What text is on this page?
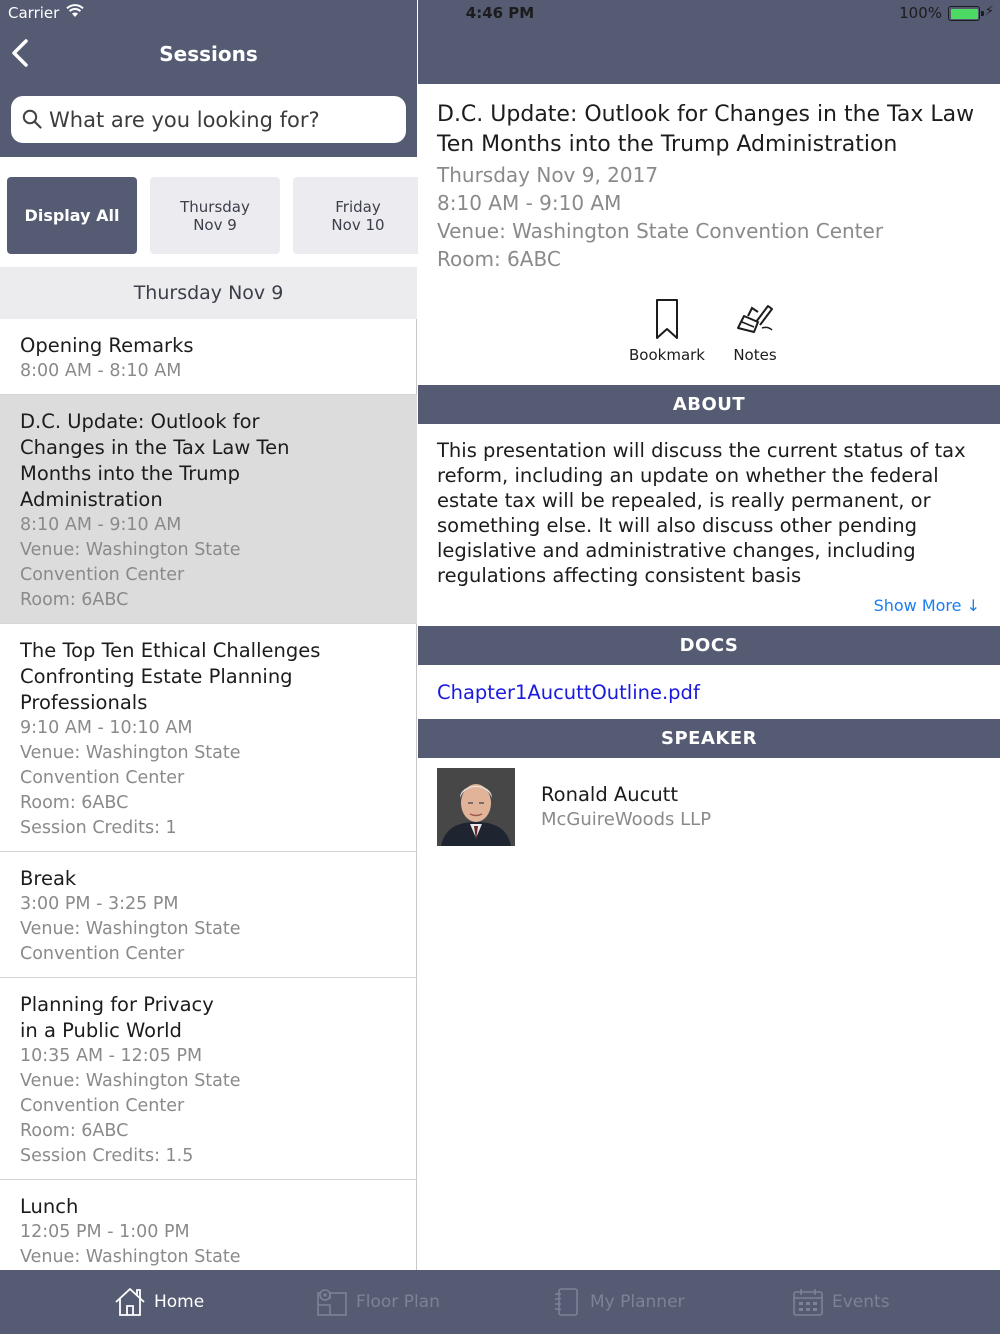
Carrier	4:46 PM	100%	⚡
Sessions
What are you looking for?
Display All	Thursday
Nov 9
Friday
Nov 10
Thursday Nov 9
Opening Remarks
8:00 AM - 8:10 AM
D.C. Update: Outlook for Changes in the Tax Law Ten Months into the Trump Administration
8:10 AM - 9:10 AM
Venue: Washington State
Convention Center
Room: 6ABC
The Top Ten Ethical Challenges Confronting Estate Planning Professionals
9:10 AM - 10:10 AM
Venue: Washington State
Convention Center
Room: 6ABC
Session Credits: 1
Break
3:00 PM - 3:25 PM
Venue: Washington State
Convention Center
Planning for Privacy in a Public World
10:35 AM - 12:05 PM
Venue: Washington State
Convention Center
Room: 6ABC
Session Credits: 1.5
Lunch
12:05 PM - 1:00 PM
Venue: Washington State
D.C. Update: Outlook for Changes in the Tax Law Ten Months into the Trump Administration
Thursday Nov 9, 2017
8:10 AM - 9:10 AM
Venue: Washington State Convention Center
Room: 6ABC
Bookmark	Notes
ABOUT
This presentation will discuss the current status of tax reform, including an update on whether the federal estate tax will be repealed, is really permanent, or something else. It will also discuss other pending legislative and administrative changes, including regulations affecting consistent basis
Show More ↓
DOCS
Chapter1AucuttOutline.pdf
SPEAKER
Ronald Aucutt
McGuireWoods LLP
Home	Floor Plan	My Planner	Events
